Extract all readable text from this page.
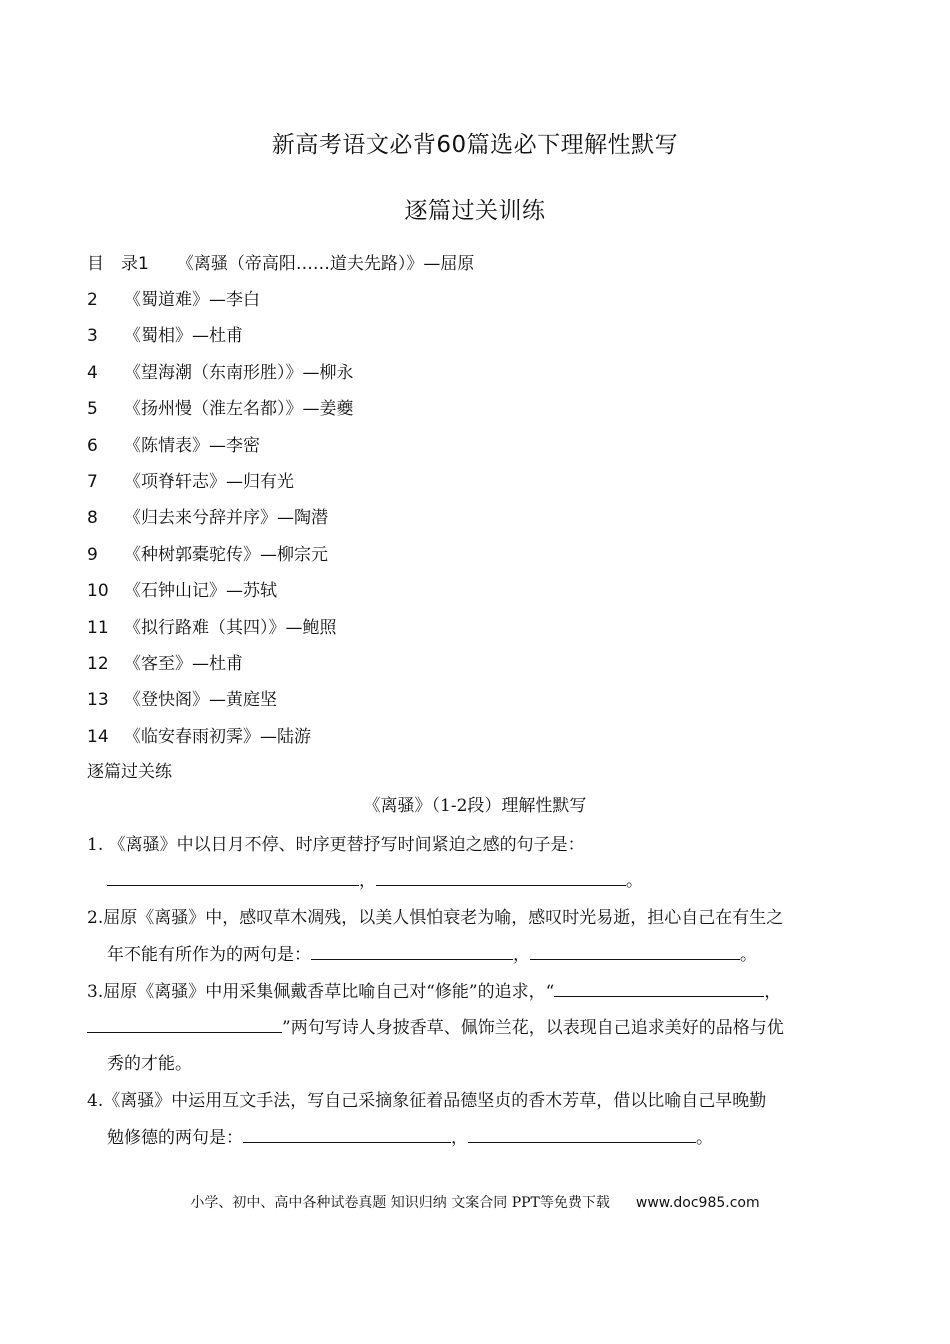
新高考语文必背60篇选必下理解性默写
逐篇过关训练
目　录1 《离骚（帝高阳……道夫先路）》—屈原
2 《蜀道难》—李白
3 《蜀相》—杜甫
4 《望海潮（东南形胜）》—柳永
5 《扬州慢（淮左名都）》—姜夔
6 《陈情表》—李密
7 《项脊轩志》—归有光
8 《归去来兮辞并序》—陶潜
9 《种树郭橐驼传》—柳宗元
10 《石钟山记》—苏轼
11 《拟行路难（其四）》—鲍照
12 《客至》—杜甫
13 《登快阁》—黄庭坚
14 《临安春雨初霁》—陆游
逐篇过关练
《离骚》（1-2段）理解性默写
1. 《离骚》中以日月不停、时序更替抒写时间紧迫之感的句子是：
，	。
2.屈原《离骚》中，感叹草木凋残，以美人惧怕衰老为喻，感叹时光易逝，担心自己在有生之
年不能有所作为的两句是：	，	。
3.屈原《离骚》中用采集佩戴香草比喻自己对“修能”的追求，“	，
”两句写诗人身披香草、佩饰兰花，以表现自己追求美好的品格与优
秀的才能。
4.《离骚》中运用互文手法，写自己采摘象征着品德坚贞的香木芳草，借以比喻自己早晚勤
勉修德的两句是：	，	。
小学、初中、高中各种试卷真题 知识归纳 文案合同 PPT等免费下载 www.doc985.com
